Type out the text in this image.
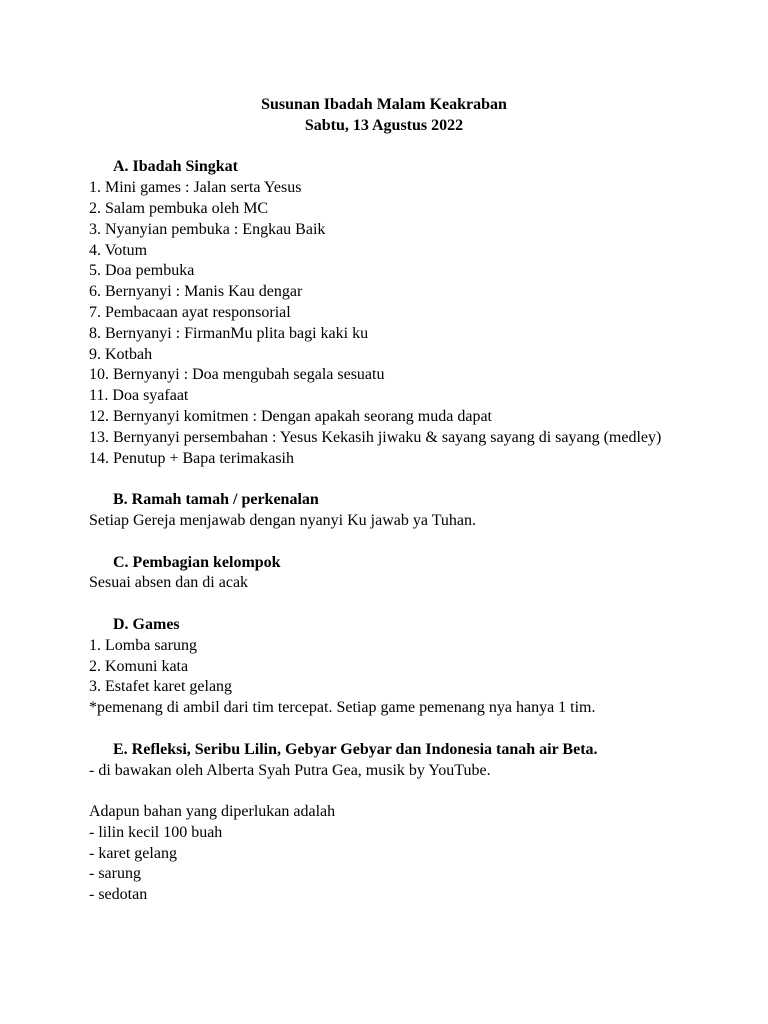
Susunan Ibadah Malam Keakraban
Sabtu, 13 Agustus 2022
A. Ibadah Singkat
1. Mini games : Jalan serta Yesus
2. Salam pembuka oleh MC
3. Nyanyian pembuka : Engkau Baik
4. Votum
5. Doa pembuka
6. Bernyanyi : Manis Kau dengar
7. Pembacaan ayat responsorial
8. Bernyanyi : FirmanMu plita bagi kaki ku
9. Kotbah
10. Bernyanyi : Doa mengubah segala sesuatu
11. Doa syafaat
12. Bernyanyi komitmen : Dengan apakah seorang muda dapat
13. Bernyanyi persembahan : Yesus Kekasih jiwaku & sayang sayang di sayang (medley)
14. Penutup + Bapa terimakasih
B. Ramah tamah / perkenalan
Setiap Gereja menjawab dengan nyanyi Ku jawab ya Tuhan.
C. Pembagian kelompok
Sesuai absen dan di acak
D. Games
1. Lomba sarung
2. Komuni kata
3. Estafet karet gelang
*pemenang di ambil dari tim tercepat. Setiap game pemenang nya hanya 1 tim.
E. Refleksi, Seribu Lilin, Gebyar Gebyar dan Indonesia tanah air Beta.
- di bawakan oleh Alberta Syah Putra Gea, musik by YouTube.
Adapun bahan yang diperlukan adalah
- lilin kecil 100 buah
- karet gelang
- sarung
- sedotan
